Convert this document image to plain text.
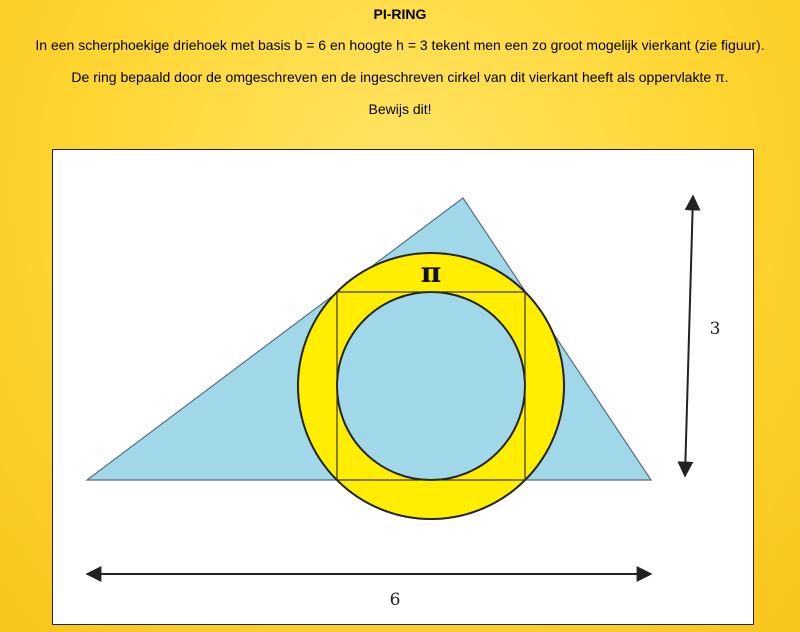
PI-RING
In een scherphoekige driehoek met basis b = 6 en hoogte h = 3 tekent men een zo groot mogelijk vierkant (zie figuur).
De ring bepaald door de omgeschreven en de ingeschreven cirkel van dit vierkant heeft als oppervlakte π.
Bewijs dit!
π
3
6
